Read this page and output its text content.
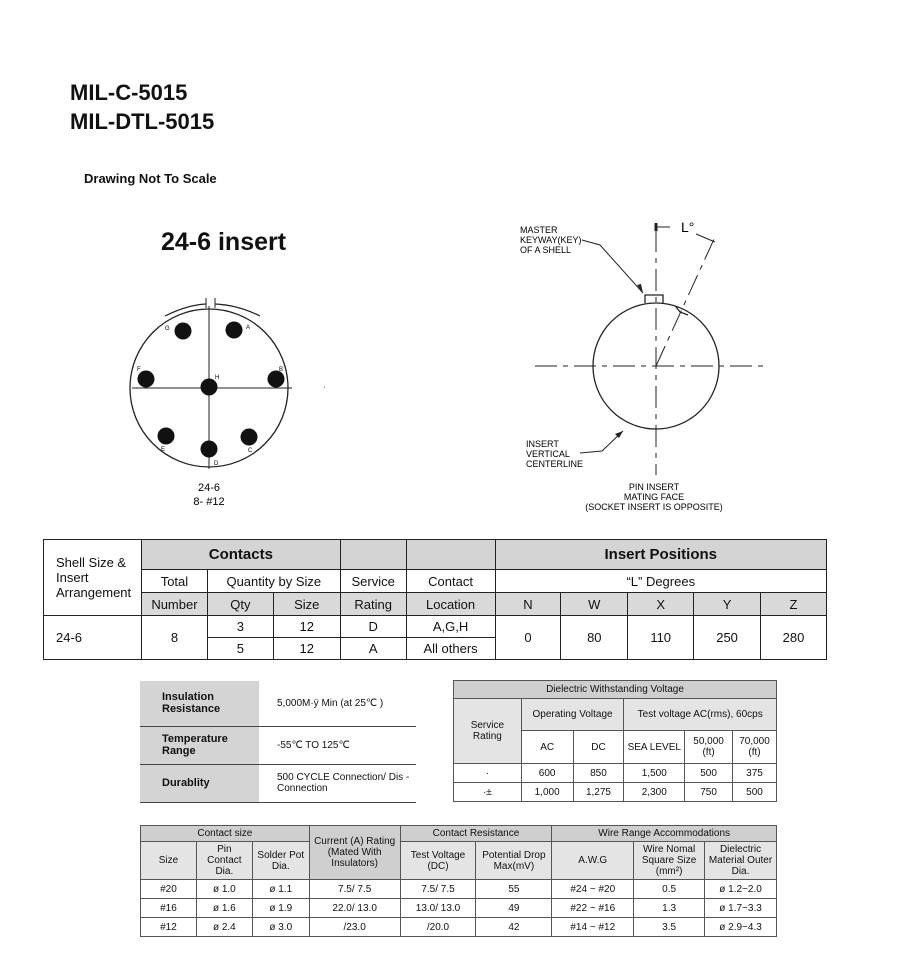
MIL-C-5015
MIL-DTL-5015
Drawing Not To Scale
24-6 insert
G	A
F
H
B
E
D
C
24-6
8- #12
L°
MASTER
KEYWAY(KEY)
OF A SHELL
INSERT
VERTICAL
CENTERLINE
PIN INSERT
MATING FACE
(SOCKET INSERT IS OPPOSITE)
Shell Size & Insert Arrangement	Contacts					Insert Positions				
	Total	Quantity by Size		Service	Contact	“L” Degrees				
	Number	Qty	Size	Rating	Location	N	W	X	Y	Z
24-6	8	3	12	D	A,G,H	0	80	110	250	280
		5	12	A	All others					
Insulation Resistance	5,000M·ÿ Min (at 25℃ )
Temperature Range	-55℃ TO 125℃
Durablity	500 CYCLE Connection/ Dis - Connection
Dielectric Withstanding Voltage					
Service Rating	Operating Voltage		Test voltage AC(rms), 60cps		
	AC	DC	SEA LEVEL	50,000 (ft)	70,000 (ft)
·	600	850	1,500	500	375
·±	1,000	1,275	2,300	750	500
Contact size			Current (A) Rating (Mated With Insulators)	Contact Resistance		Wire Range Accommodations		
Size	Pin Contact Dia.	Solder Pot Dia.		Test Voltage (DC)	Potential Drop Max(mV)	A.W.G	Wire Nomal Square Size (mm²)	Dielectric Material Outer Dia.
#20	ø 1.0	ø 1.1	7.5/ 7.5	7.5/ 7.5	55	#24 ~ #20	0.5	ø 1.2~2.0
#16	ø 1.6	ø 1.9	22.0/ 13.0	13.0/ 13.0	49	#22 ~ #16	1.3	ø 1.7~3.3
#12	ø 2.4	ø 3.0	/23.0	/20.0	42	#14 ~ #12	3.5	ø 2.9~4.3
